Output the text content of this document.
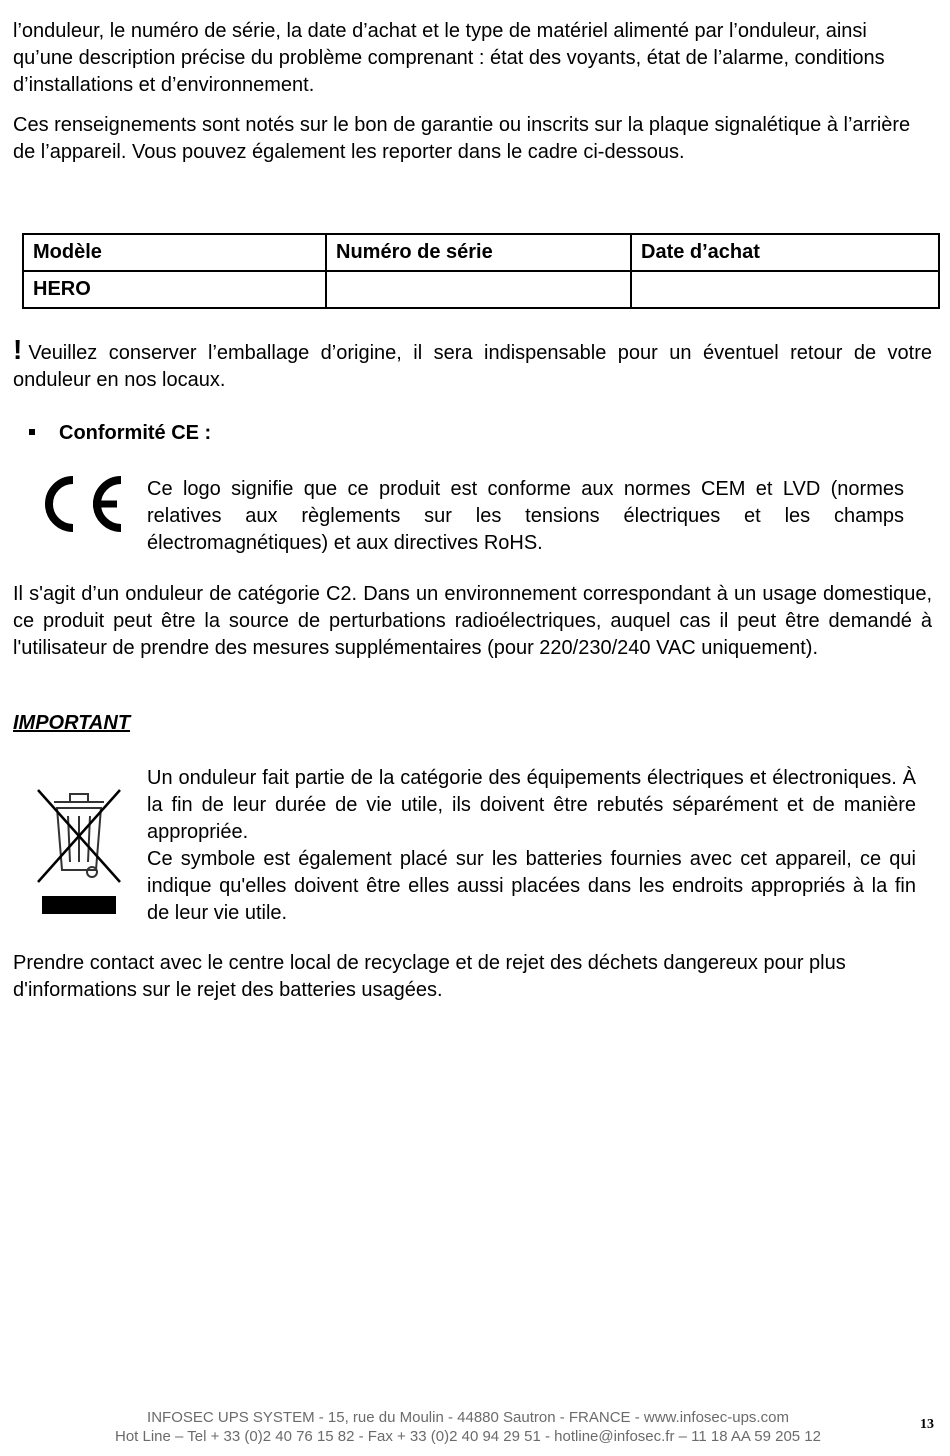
l’onduleur, le numéro de série, la date d’achat et le type de matériel alimenté par l’onduleur, ainsi qu’une description précise du problème comprenant : état des voyants, état de l’alarme, conditions d’installations et d’environnement.

Ces renseignements sont notés sur le bon de garantie ou inscrits sur la plaque signalétique à l’arrière de l’appareil. Vous pouvez également les reporter dans le cadre ci-dessous.

Modèle	Numéro de série	Date d’achat
HERO		

! Veuillez conserver l’emballage d’origine, il sera indispensable pour un éventuel retour de votre onduleur en nos locaux.

Conformité CE :

Ce logo signifie que ce produit est conforme aux normes CEM et LVD (normes relatives aux règlements sur les tensions électriques et les champs électromagnétiques) et aux directives RoHS.

Il s'agit d’un onduleur de catégorie C2. Dans un environnement correspondant à un usage domestique, ce produit peut être la source de perturbations radioélectriques, auquel cas il peut être demandé à l'utilisateur de prendre des mesures supplémentaires (pour 220/230/240 VAC uniquement).

IMPORTANT

Un onduleur fait partie de la catégorie des équipements électriques et électroniques. À la fin de leur durée de vie utile, ils doivent être rebutés séparément et de manière appropriée.

Ce symbole est également placé sur les batteries fournies avec cet appareil, ce qui indique qu'elles doivent être elles aussi placées dans les endroits appropriés à la fin de leur vie utile.

Prendre contact avec le centre local de recyclage et de rejet des déchets dangereux pour plus d'informations sur le rejet des batteries usagées.

INFOSEC UPS SYSTEM - 15, rue du Moulin - 44880 Sautron - FRANCE - www.infosec-ups.com
Hot Line – Tel + 33 (0)2 40 76 15 82 - Fax + 33 (0)2 40 94 29 51 - hotline@infosec.fr – 11 18 AA 59 205 12
13
